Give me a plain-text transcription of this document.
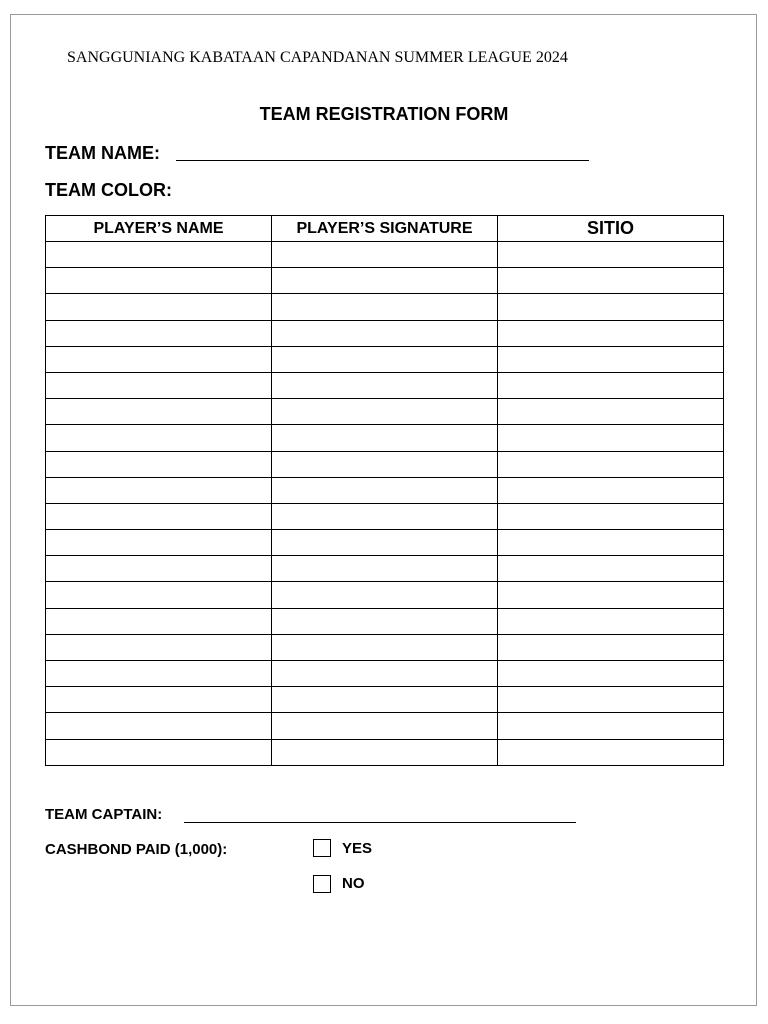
SANGGUNIANG KABATAAN CAPANDANAN SUMMER LEAGUE 2024
TEAM REGISTRATION FORM
TEAM NAME:
TEAM COLOR:
PLAYER’S NAME	PLAYER’S SIGNATURE	SITIO

TEAM CAPTAIN:
CASHBOND PAID (1,000):	YES
NO
